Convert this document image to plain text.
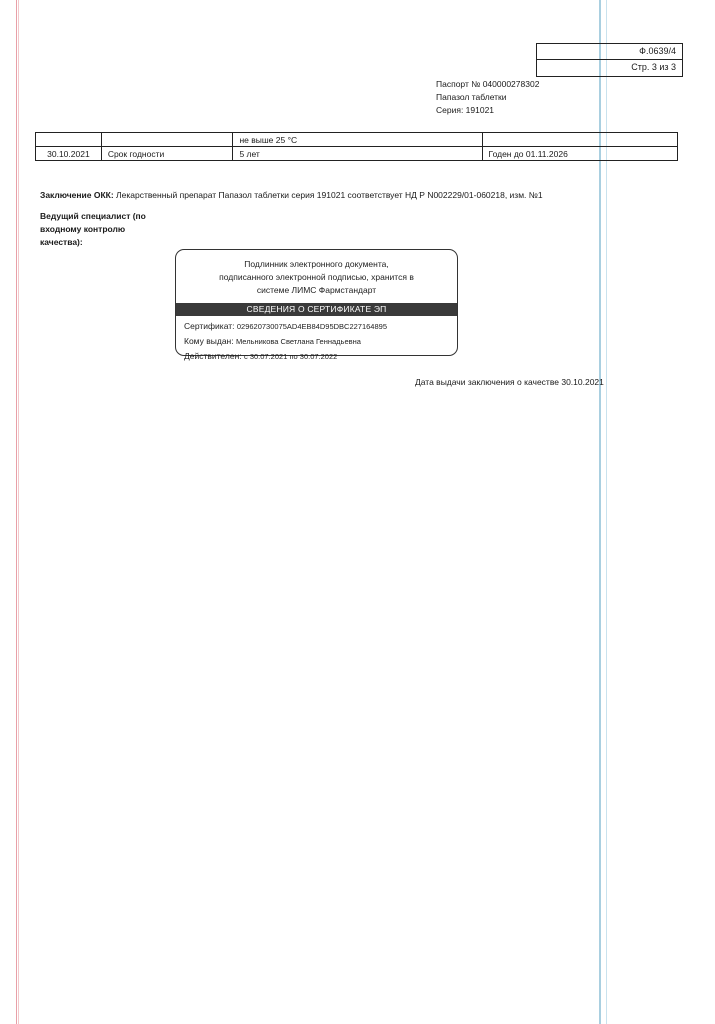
Ф.0639/4
Стр. 3 из 3
Паспорт № 040000278302
Папазол таблетки
Серия: 191021
		не выше 25 °С	
30.10.2021	Срок годности	5 лет	Годен до 01.11.2026
Заключение ОКК: Лекарственный препарат Папазол таблетки серия 191021 соответствует НД Р N002229/01-060218, изм. №1
Ведущий специалист (по входному контролю качества):
Подлинник электронного документа,
подписанного электронной подписью, хранится в
системе ЛИМС Фармстандарт
СВЕДЕНИЯ О СЕРТИФИКАТЕ ЭП
Сертификат: 029620730075AD4EB84D95DBC227164895
Кому выдан: Мельникова Светлана Геннадьевна
Действителен: с 30.07.2021 по 30.07.2022
Дата выдачи заключения о качестве 30.10.2021
